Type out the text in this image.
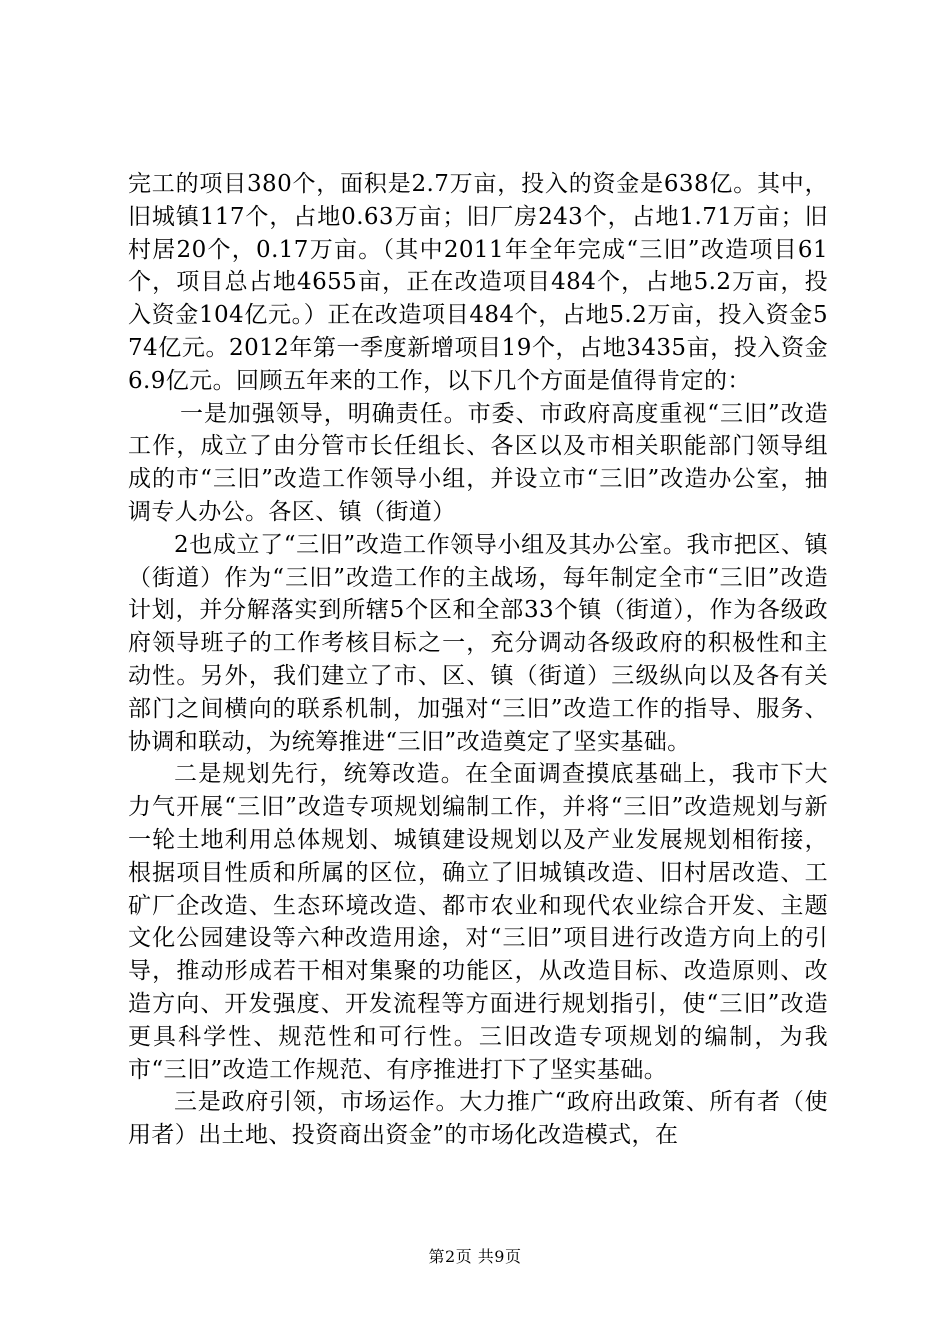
完工的项目380个，面积是2.7万亩，投入的资金是638亿。其中，旧城镇117个，占地0.63万亩；旧厂房243个，占地1.71万亩；旧村居20个，0.17万亩。（其中2011年全年完成“三旧”改造项目61个，项目总占地4655亩，正在改造项目484个，占地5.2万亩，投入资金104亿元。）正在改造项目484个，占地5.2万亩，投入资金574亿元。2012年第一季度新增项目19个，占地3435亩，投入资金6.9亿元。回顾五年来的工作，以下几个方面是值得肯定的：

一是加强领导，明确责任。市委、市政府高度重视“三旧”改造工作，成立了由分管市长任组长、各区以及市相关职能部门领导组成的市“三旧”改造工作领导小组，并设立市“三旧”改造办公室，抽调专人办公。各区、镇（街道）

2也成立了“三旧”改造工作领导小组及其办公室。我市把区、镇（街道）作为“三旧”改造工作的主战场，每年制定全市“三旧”改造计划，并分解落实到所辖5个区和全部33个镇（街道），作为各级政府领导班子的工作考核目标之一，充分调动各级政府的积极性和主动性。另外，我们建立了市、区、镇（街道）三级纵向以及各有关部门之间横向的联系机制，加强对“三旧”改造工作的指导、服务、协调和联动，为统筹推进“三旧”改造奠定了坚实基础。

二是规划先行，统筹改造。在全面调查摸底基础上，我市下大力气开展“三旧”改造专项规划编制工作，并将“三旧”改造规划与新一轮土地利用总体规划、城镇建设规划以及产业发展规划相衔接，根据项目性质和所属的区位，确立了旧城镇改造、旧村居改造、工矿厂企改造、生态环境改造、都市农业和现代农业综合开发、主题文化公园建设等六种改造用途，对“三旧”项目进行改造方向上的引导，推动形成若干相对集聚的功能区，从改造目标、改造原则、改造方向、开发强度、开发流程等方面进行规划指引，使“三旧”改造更具科学性、规范性和可行性。三旧改造专项规划的编制，为我市“三旧”改造工作规范、有序推进打下了坚实基础。

三是政府引领，市场运作。大力推广“政府出政策、所有者（使用者）出土地、投资商出资金”的市场化改造模式，在

第2页 共9页
